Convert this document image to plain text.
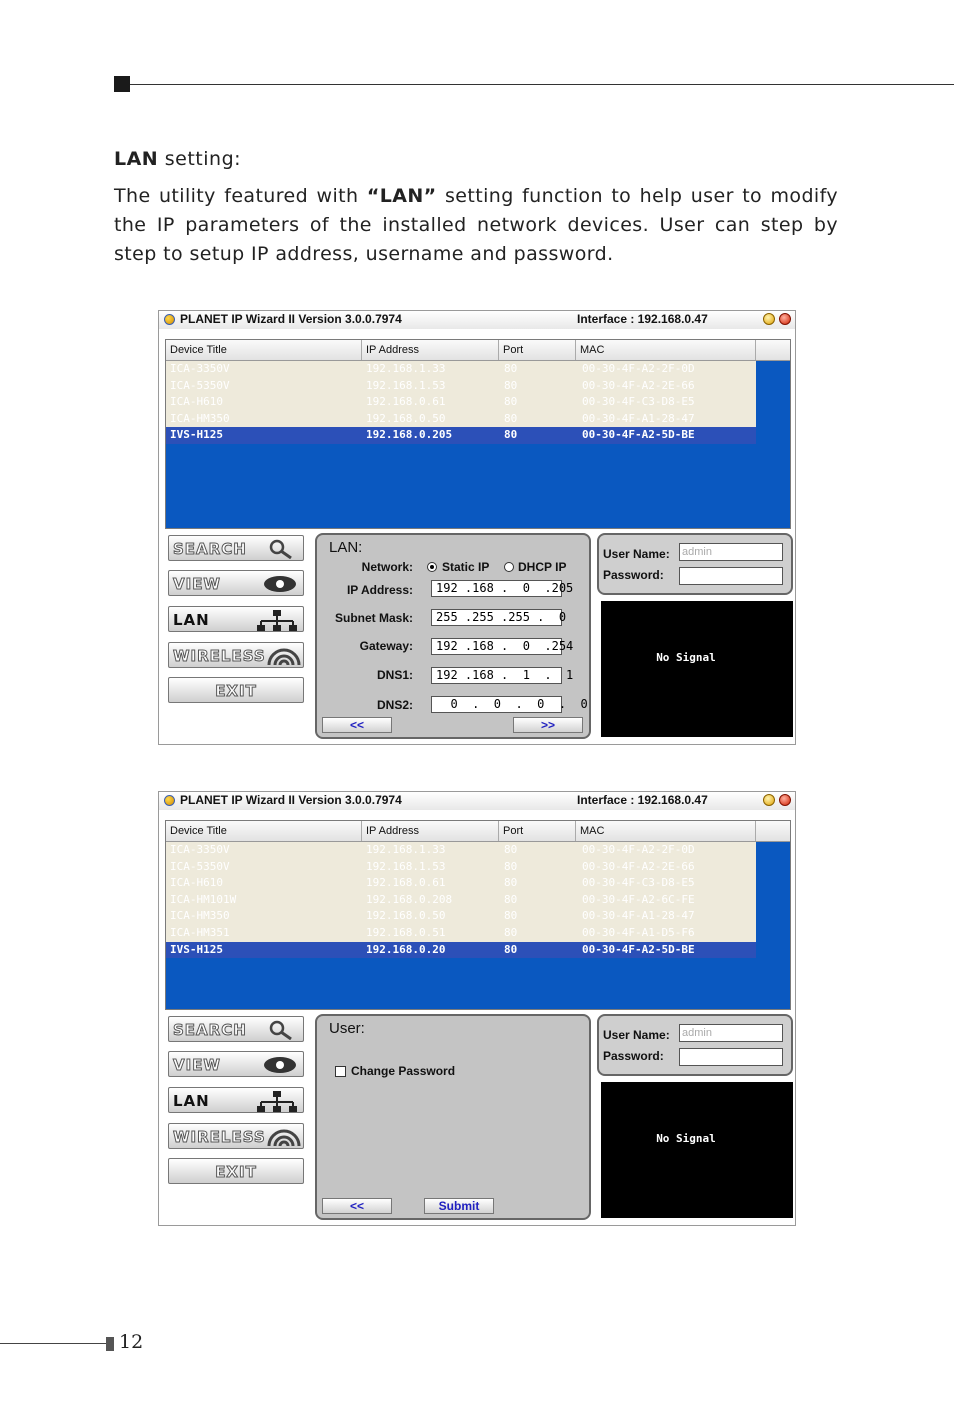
LAN setting:
The utility featured with “LAN” setting function to help user to modify the IP parameters of the installed network devices. User can step by step to setup IP address, username and password.
PLANET IP Wizard II Version 3.0.0.7974	Interface : 192.168.0.47
Device Title	IP Address	Port	MAC
ICA-3350V	192.168.1.33	80	00-30-4F-A2-2F-0D
ICA-5350V	192.168.1.53	80	00-30-4F-A2-2E-66
ICA-H610	192.168.0.61	80	00-30-4F-C3-D8-E5
ICA-HM350	192.168.0.50	80	00-30-4F-A1-28-47
IVS-H125	192.168.0.205	80	00-30-4F-A2-5D-BE
SEARCH
VIEW
LAN
WIRELESS
EXIT
LAN:
Network: Static IP DHCP IP
IP Address:	192 .168 .  0  .205
Subnet Mask:	255 .255 .255 .  0
Gateway:	192 .168 .  0  .254
DNS1:	192 .168 .  1  .  1
DNS2:	0  .  0  .  0  .  0
<<	>>
User Name: admin
Password:
No Signal
PLANET IP Wizard II Version 3.0.0.7974	Interface : 192.168.0.47
Device Title	IP Address	Port	MAC
ICA-3350V	192.168.1.33	80	00-30-4F-A2-2F-0D
ICA-5350V	192.168.1.53	80	00-30-4F-A2-2E-66
ICA-H610	192.168.0.61	80	00-30-4F-C3-D8-E5
ICA-HM101W	192.168.0.208	80	00-30-4F-A2-6C-FE
ICA-HM350	192.168.0.50	80	00-30-4F-A1-28-47
ICA-HM351	192.168.0.51	80	00-30-4F-A1-D5-F6
IVS-H125	192.168.0.20	80	00-30-4F-A2-5D-BE
SEARCH
VIEW
LAN
WIRELESS
EXIT
User:
Change Password
<<	Submit
User Name: admin
Password:
No Signal
12
